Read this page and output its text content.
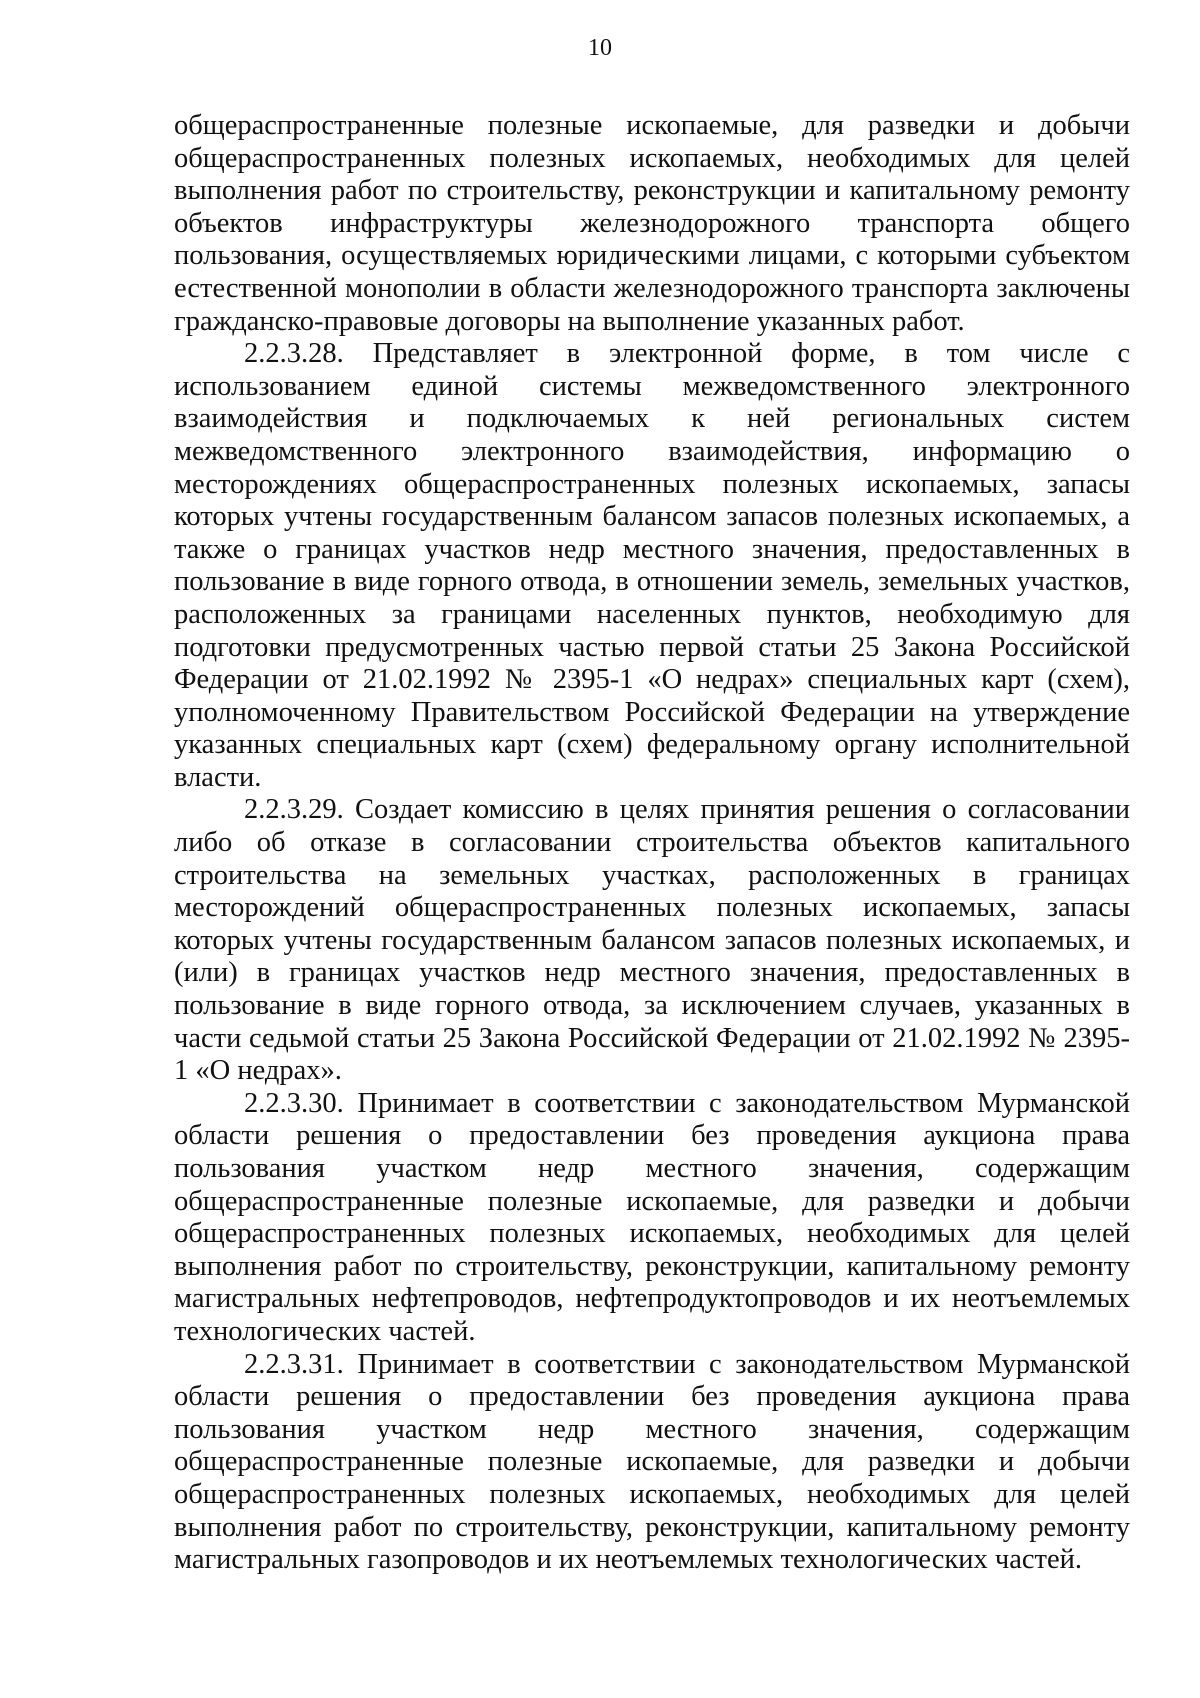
10

общераспространенные полезные ископаемые, для разведки и добычи общераспространенных полезных ископаемых, необходимых для целей выполнения работ по строительству, реконструкции и капитальному ремонту объектов инфраструктуры железнодорожного транспорта общего пользования, осуществляемых юридическими лицами, с которыми субъектом естественной монополии в области железнодорожного транспорта заключены гражданско-правовые договоры на выполнение указанных работ.

2.2.3.28. Представляет в электронной форме, в том числе с использованием единой системы межведомственного электронного взаимодействия и подключаемых к ней региональных систем межведомственного электронного взаимодействия, информацию о месторождениях общераспространенных полезных ископаемых, запасы которых учтены государственным балансом запасов полезных ископаемых, а также о границах участков недр местного значения, предоставленных в пользование в виде горного отвода, в отношении земель, земельных участков, расположенных за границами населенных пунктов, необходимую для подготовки предусмотренных частью первой статьи 25 Закона Российской Федерации от 21.02.1992 № 2395-1 «О недрах» специальных карт (схем), уполномоченному Правительством Российской Федерации на утверждение указанных специальных карт (схем) федеральному органу исполнительной власти.

2.2.3.29. Создает комиссию в целях принятия решения о согласовании либо об отказе в согласовании строительства объектов капитального строительства на земельных участках, расположенных в границах месторождений общераспространенных полезных ископаемых, запасы которых учтены государственным балансом запасов полезных ископаемых, и (или) в границах участков недр местного значения, предоставленных в пользование в виде горного отвода, за исключением случаев, указанных в части седьмой статьи 25 Закона Российской Федерации от 21.02.1992 № 2395-1 «О недрах».

2.2.3.30. Принимает в соответствии с законодательством Мурманской области решения о предоставлении без проведения аукциона права пользования участком недр местного значения, содержащим общераспространенные полезные ископаемые, для разведки и добычи общераспространенных полезных ископаемых, необходимых для целей выполнения работ по строительству, реконструкции, капитальному ремонту магистральных нефтепроводов, нефтепродуктопроводов и их неотъемлемых технологических частей.

2.2.3.31. Принимает в соответствии с законодательством Мурманской области решения о предоставлении без проведения аукциона права пользования участком недр местного значения, содержащим общераспространенные полезные ископаемые, для разведки и добычи общераспространенных полезных ископаемых, необходимых для целей выполнения работ по строительству, реконструкции, капитальному ремонту магистральных газопроводов и их неотъемлемых технологических частей.
